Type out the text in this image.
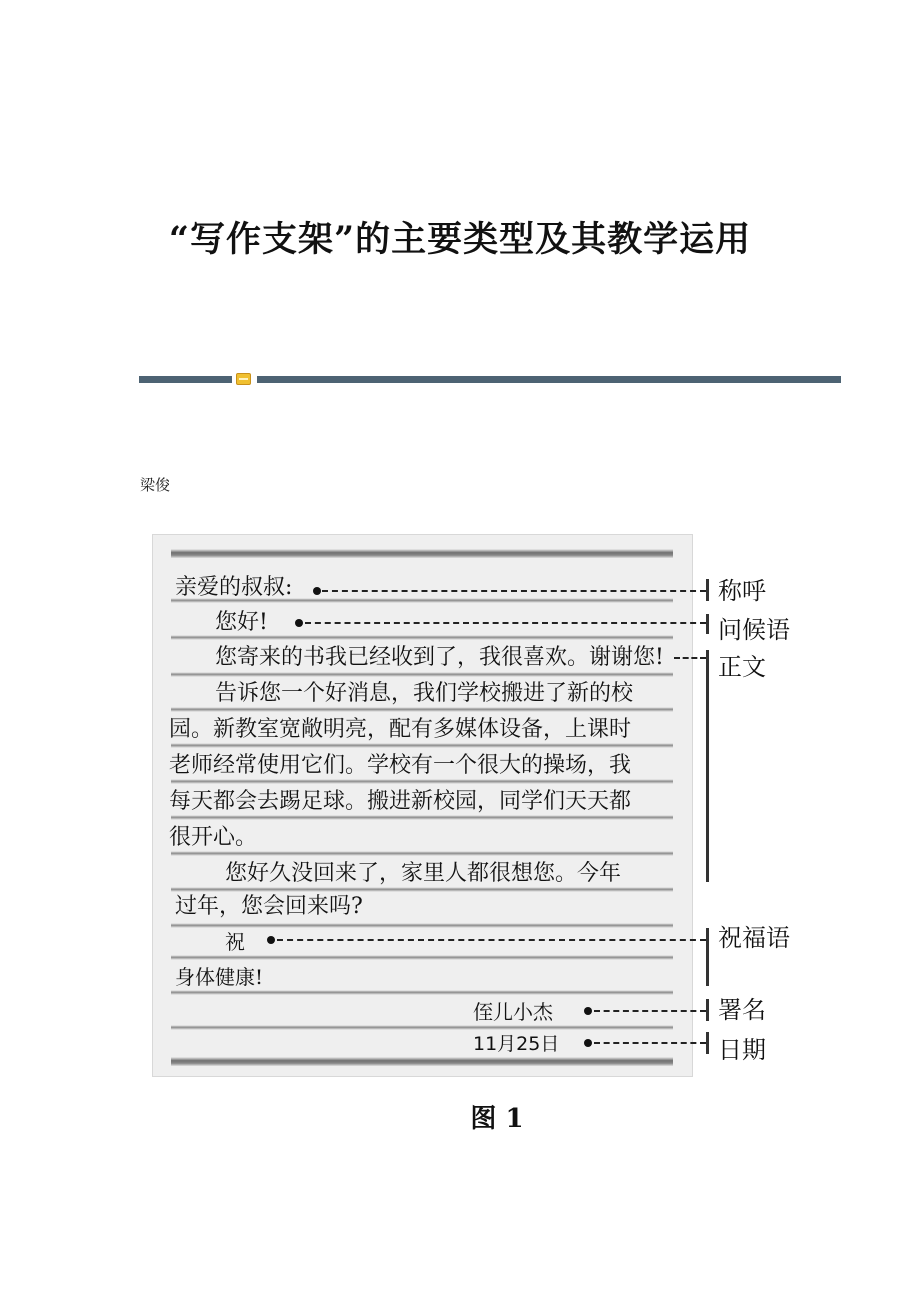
“写作支架”的主要类型及其教学运用
梁俊
亲爱的叔叔:
您好!
您寄来的书我已经收到了，我很喜欢。谢谢您!
告诉您一个好消息，我们学校搬进了新的校
园。新教室宽敞明亮，配有多媒体设备，上课时
老师经常使用它们。学校有一个很大的操场，我
每天都会去踢足球。搬进新校园，同学们天天都
很开心。
您好久没回来了，家里人都很想您。今年
过年，您会回来吗?
祝
身体健康!
侄儿小杰
11月25日
称呼
问候语
正文
祝福语
署名
日期
图 1
